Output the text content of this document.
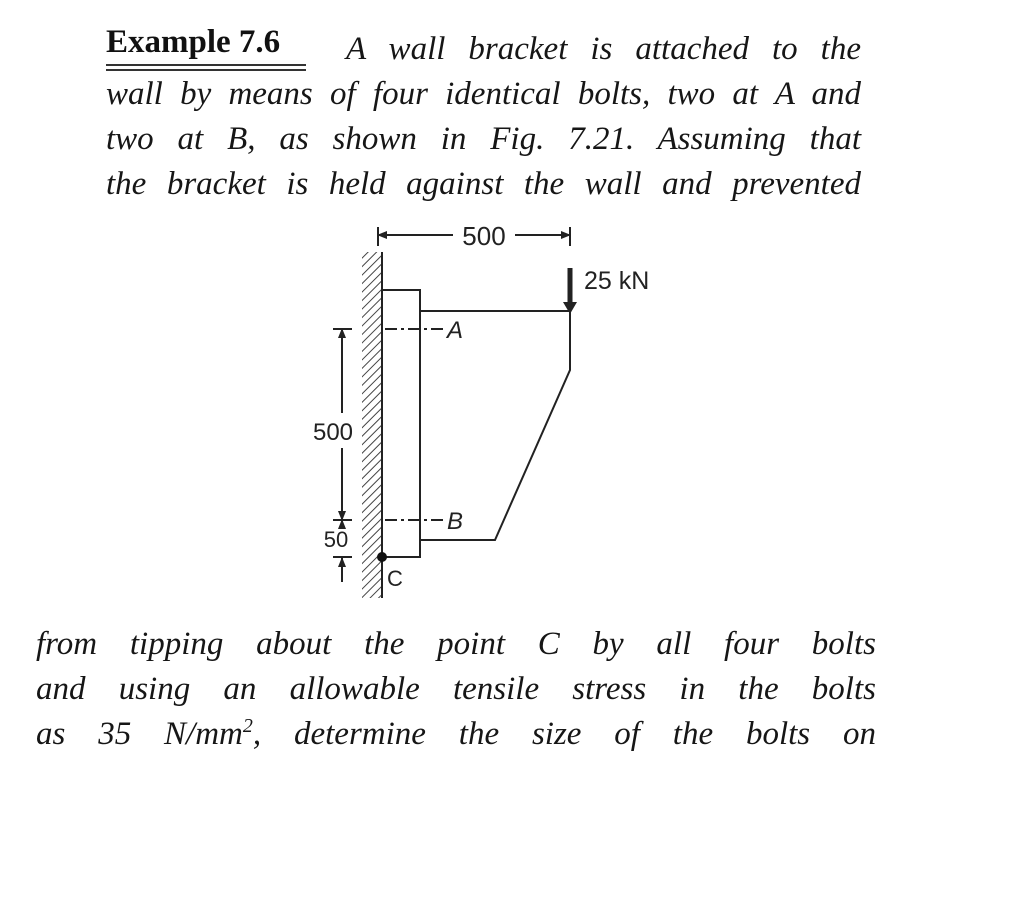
Example 7.6 A wall bracket is attached to the
wall by means of four identical bolts, two at A and
two at B, as shown in Fig. 7.21. Assuming that
the bracket is held against the wall and prevented
500
25 kN
A
B
C
500
50
from tipping about the point C by all four bolts
and using an allowable tensile stress in the bolts
as 35 $N/mm^2$, determine the size of the bolts on
